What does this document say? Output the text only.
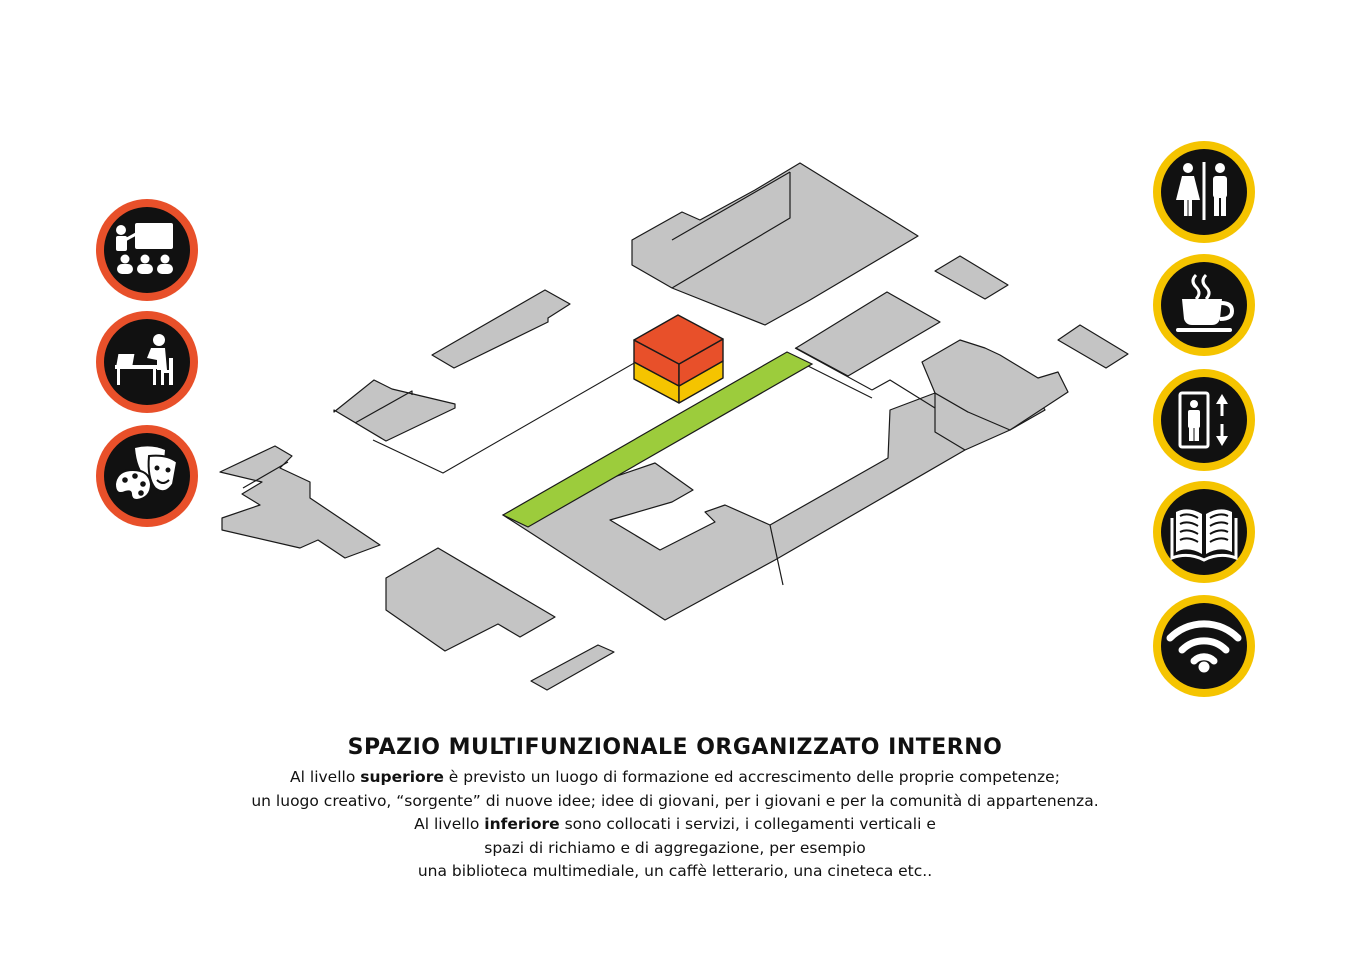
SPAZIO MULTIFUNZIONALE ORGANIZZATO INTERNO

Al livello superiore è previsto un luogo di formazione ed accrescimento delle proprie competenze;

un luogo creativo, “sorgente” di nuove idee; idee di giovani, per i giovani e per la comunità di appartenenza.

Al livello inferiore sono collocati i servizi, i collegamenti verticali e

spazi di richiamo e di aggregazione, per esempio

una biblioteca multimediale, un caffè letterario, una cineteca etc..
